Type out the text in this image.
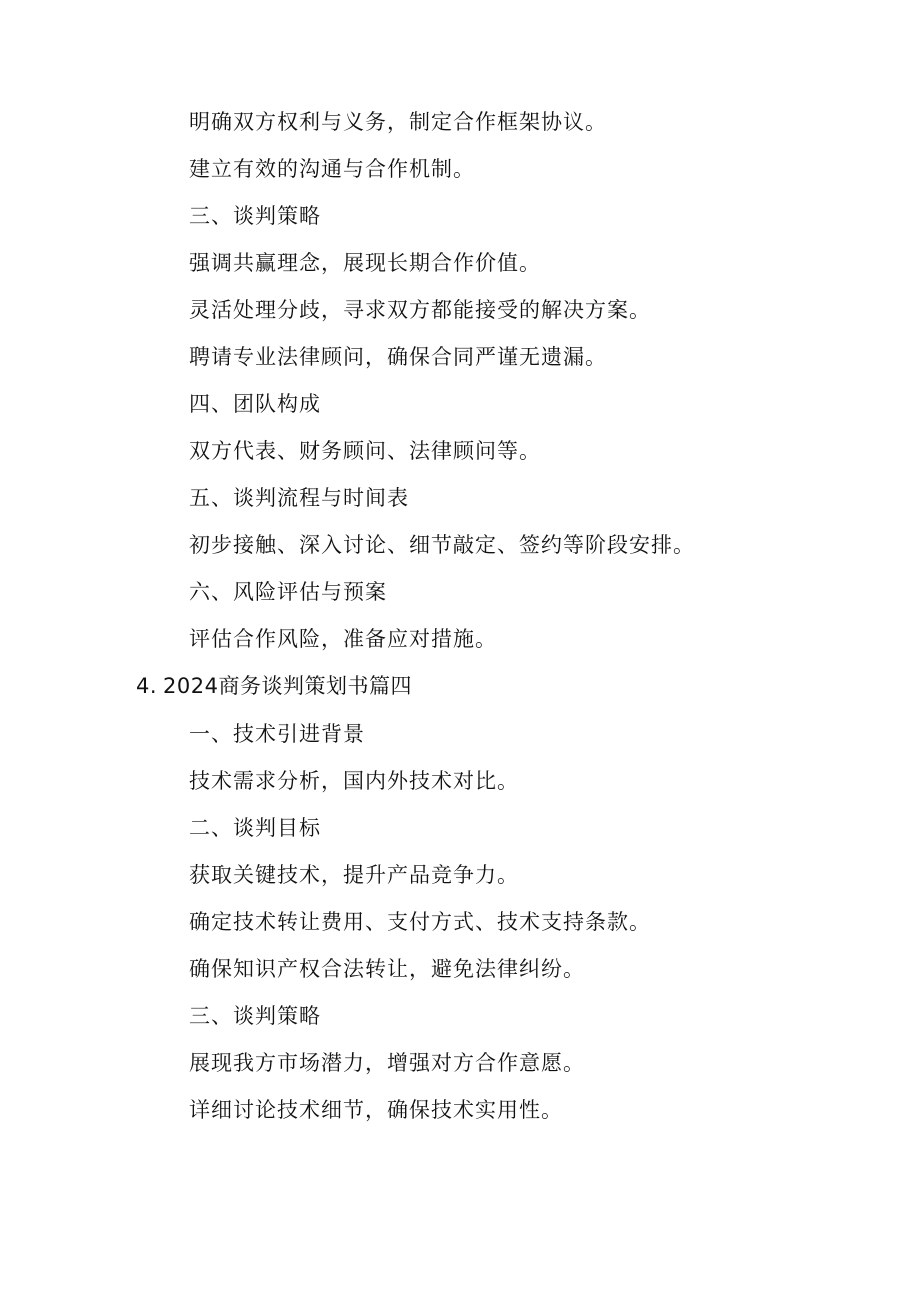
明确双方权利与义务，制定合作框架协议。
建立有效的沟通与合作机制。
三、谈判策略
强调共赢理念，展现长期合作价值。
灵活处理分歧，寻求双方都能接受的解决方案。
聘请专业法律顾问，确保合同严谨无遗漏。
四、团队构成
双方代表、财务顾问、法律顾问等。
五、谈判流程与时间表
初步接触、深入讨论、细节敲定、签约等阶段安排。
六、风险评估与预案
评估合作风险，准备应对措施。
4. 2024商务谈判策划书篇四
一、技术引进背景
技术需求分析，国内外技术对比。
二、谈判目标
获取关键技术，提升产品竞争力。
确定技术转让费用、支付方式、技术支持条款。
确保知识产权合法转让，避免法律纠纷。
三、谈判策略
展现我方市场潜力，增强对方合作意愿。
详细讨论技术细节，确保技术实用性。
